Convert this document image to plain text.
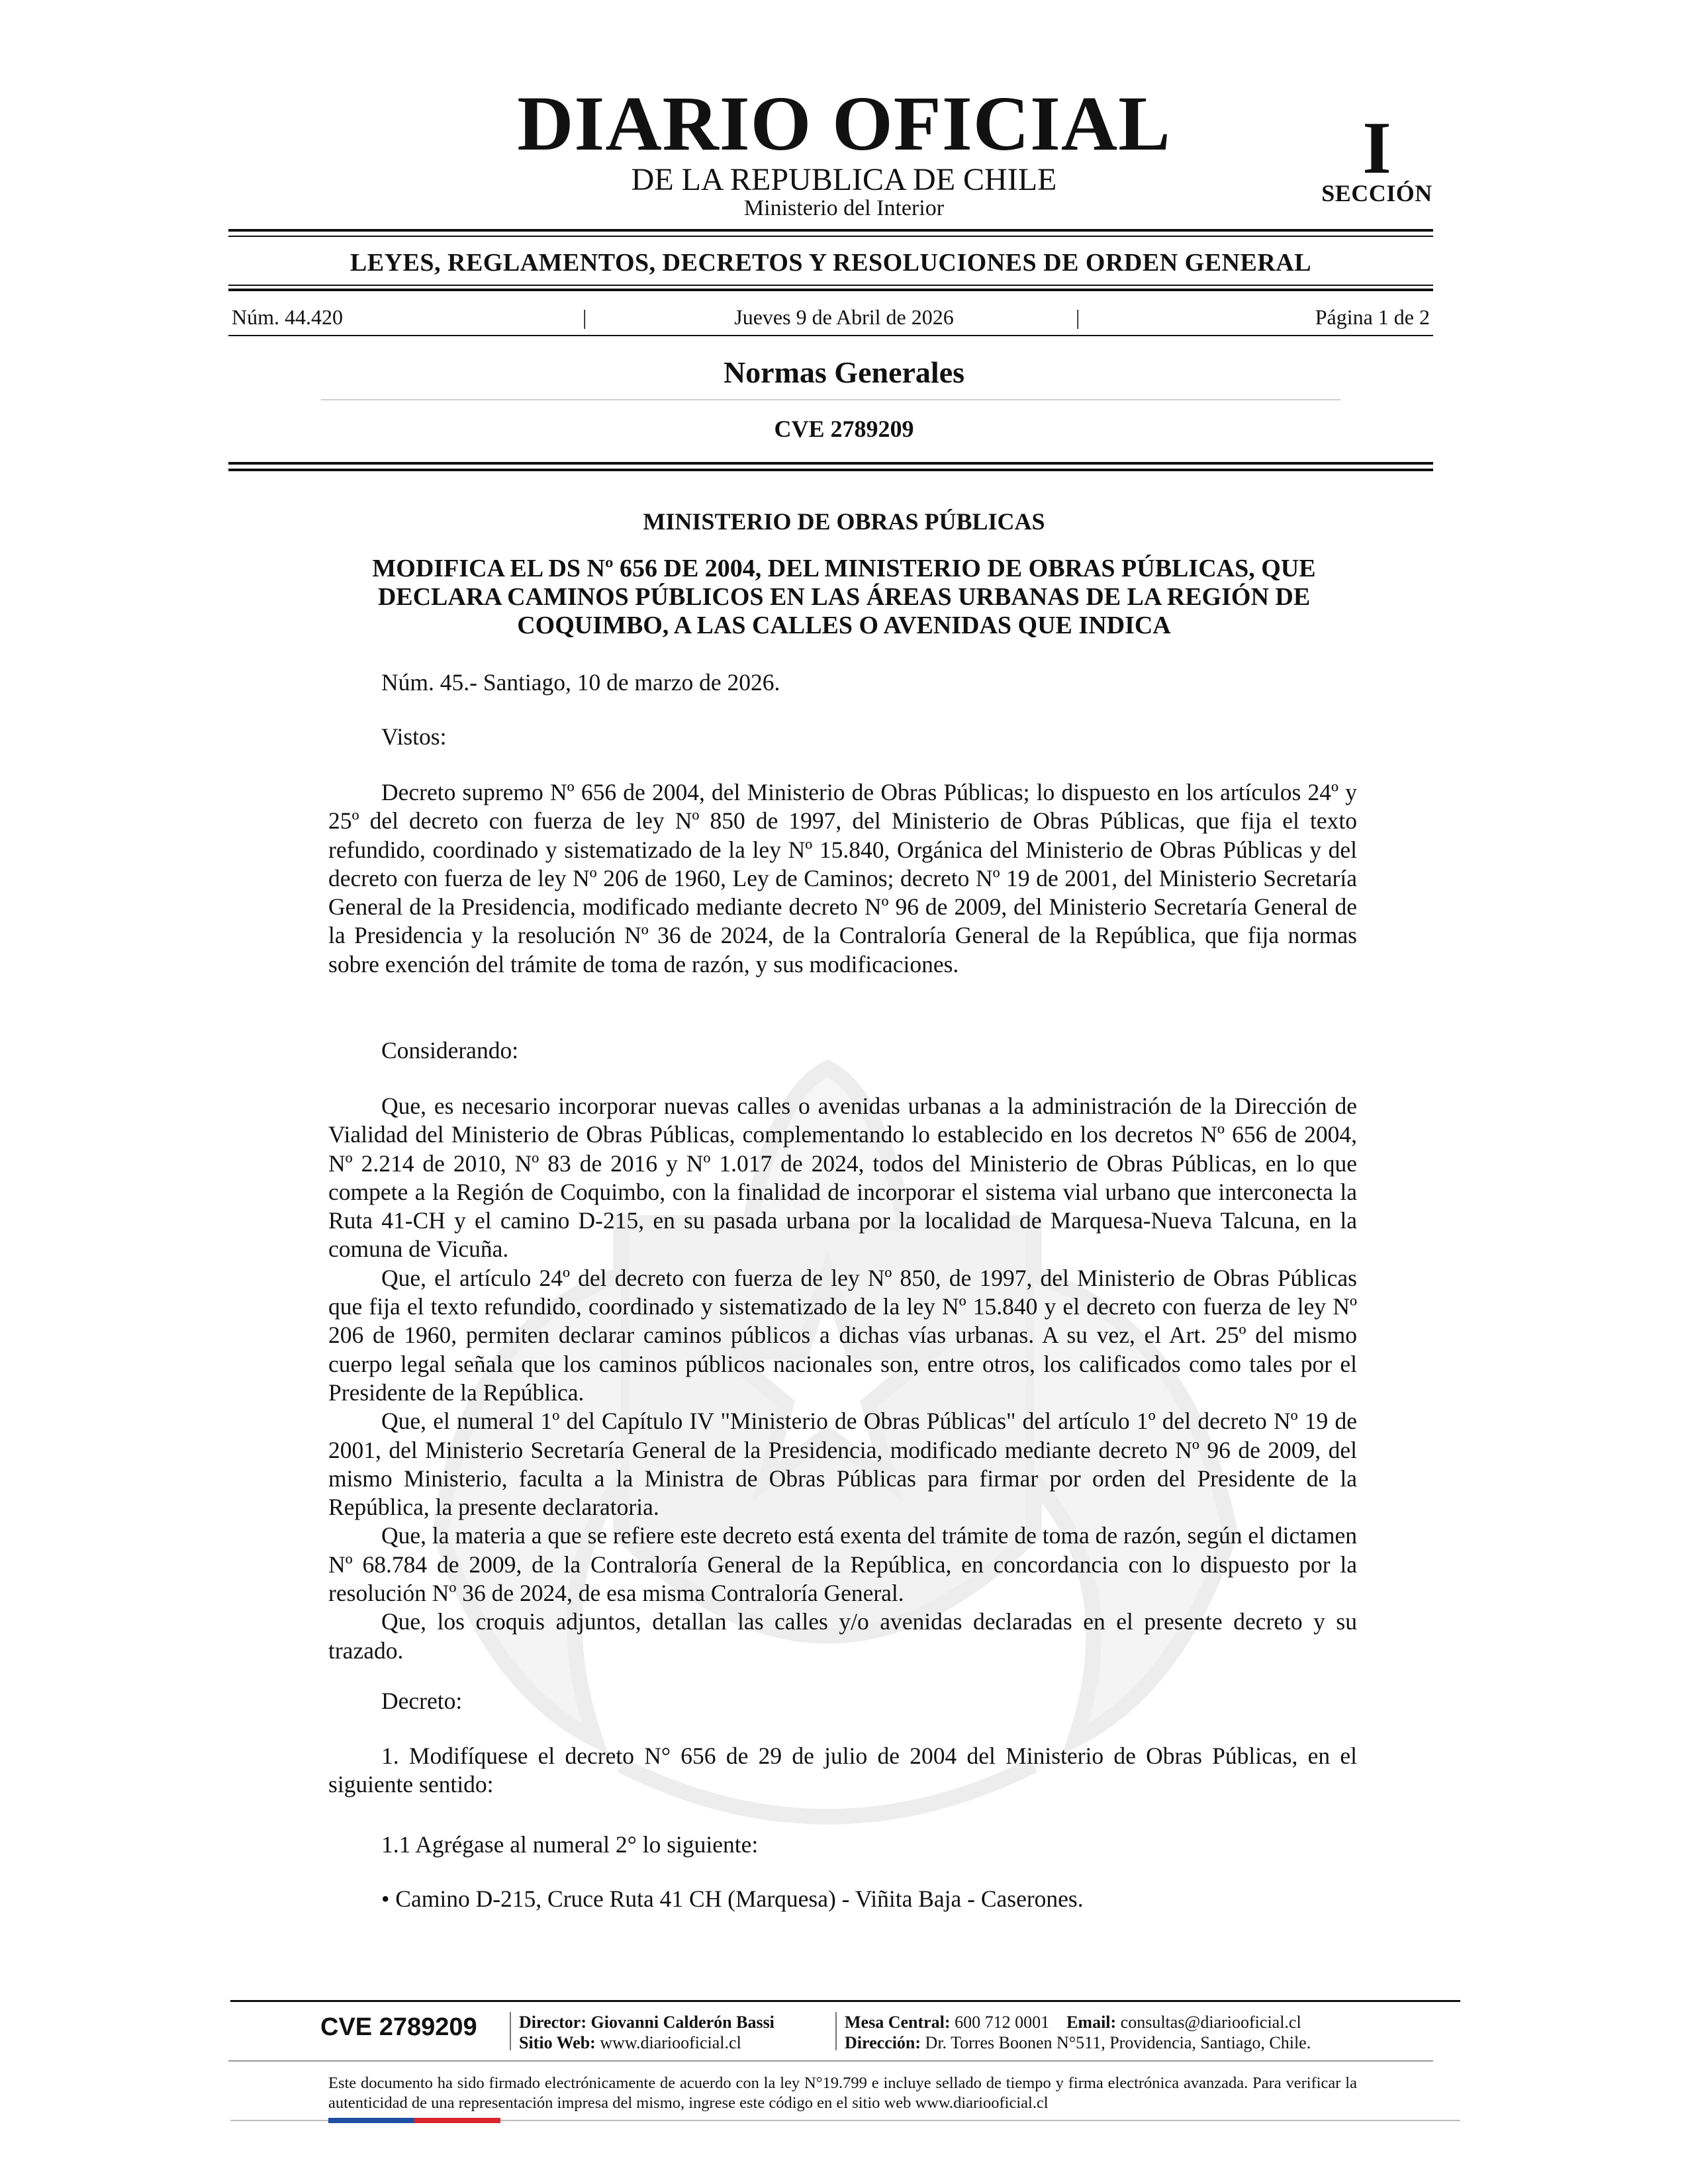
DIARIO OFICIAL
DE LA REPUBLICA DE CHILE
Ministerio del Interior
I
SECCIÓN
LEYES, REGLAMENTOS, DECRETOS Y RESOLUCIONES DE ORDEN GENERAL
Núm. 44.420	|	Jueves 9 de Abril de 2026	|	Página 1 de 2
Normas Generales
CVE 2789209
MINISTERIO DE OBRAS PÚBLICAS
MODIFICA EL DS Nº 656 DE 2004, DEL MINISTERIO DE OBRAS PÚBLICAS, QUE DECLARA CAMINOS PÚBLICOS EN LAS ÁREAS URBANAS DE LA REGIÓN DE COQUIMBO, A LAS CALLES O AVENIDAS QUE INDICA
Núm. 45.- Santiago, 10 de marzo de 2026.
Vistos:

Decreto supremo Nº 656 de 2004, del Ministerio de Obras Públicas; lo dispuesto en los artículos 24º y 25º del decreto con fuerza de ley Nº 850 de 1997, del Ministerio de Obras Públicas, que fija el texto refundido, coordinado y sistematizado de la ley Nº 15.840, Orgánica del Ministerio de Obras Públicas y del decreto con fuerza de ley Nº 206 de 1960, Ley de Caminos; decreto Nº 19 de 2001, del Ministerio Secretaría General de la Presidencia, modificado mediante decreto Nº 96 de 2009, del Ministerio Secretaría General de la Presidencia y la resolución Nº 36 de 2024, de la Contraloría General de la República, que fija normas sobre exención del trámite de toma de razón, y sus modificaciones.

Considerando:

Que, es necesario incorporar nuevas calles o avenidas urbanas a la administración de la Dirección de Vialidad del Ministerio de Obras Públicas, complementando lo establecido en los decretos Nº 656 de 2004, Nº 2.214 de 2010, Nº 83 de 2016 y Nº 1.017 de 2024, todos del Ministerio de Obras Públicas, en lo que compete a la Región de Coquimbo, con la finalidad de incorporar el sistema vial urbano que interconecta la Ruta 41-CH y el camino D-215, en su pasada urbana por la localidad de Marquesa-Nueva Talcuna, en la comuna de Vicuña.

Que, el artículo 24º del decreto con fuerza de ley Nº 850, de 1997, del Ministerio de Obras Públicas que fija el texto refundido, coordinado y sistematizado de la ley Nº 15.840 y el decreto con fuerza de ley Nº 206 de 1960, permiten declarar caminos públicos a dichas vías urbanas. A su vez, el Art. 25º del mismo cuerpo legal señala que los caminos públicos nacionales son, entre otros, los calificados como tales por el Presidente de la República.

Que, el numeral 1º del Capítulo IV "Ministerio de Obras Públicas" del artículo 1º del decreto Nº 19 de 2001, del Ministerio Secretaría General de la Presidencia, modificado mediante decreto Nº 96 de 2009, del mismo Ministerio, faculta a la Ministra de Obras Públicas para firmar por orden del Presidente de la República, la presente declaratoria.

Que, la materia a que se refiere este decreto está exenta del trámite de toma de razón, según el dictamen Nº 68.784 de 2009, de la Contraloría General de la República, en concordancia con lo dispuesto por la resolución Nº 36 de 2024, de esa misma Contraloría General.

Que, los croquis adjuntos, detallan las calles y/o avenidas declaradas en el presente decreto y su trazado.

Decreto:

1. Modifíquese el decreto N° 656 de 29 de julio de 2004 del Ministerio de Obras Públicas, en el siguiente sentido:

1.1 Agrégase al numeral 2° lo siguiente:
• Camino D-215, Cruce Ruta 41 CH (Marquesa) - Viñita Baja - Caserones.
CVE 2789209 Director: Giovanni Calderón Bassi
Sitio Web: www.diariooficial.cl
Mesa Central: 600 712 0001 Email: consultas@diariooficial.cl
Dirección: Dr. Torres Boonen N°511, Providencia, Santiago, Chile.
Este documento ha sido firmado electrónicamente de acuerdo con la ley N°19.799 e incluye sellado de tiempo y firma electrónica avanzada. Para verificar la autenticidad de una representación impresa del mismo, ingrese este código en el sitio web www.diariooficial.cl
